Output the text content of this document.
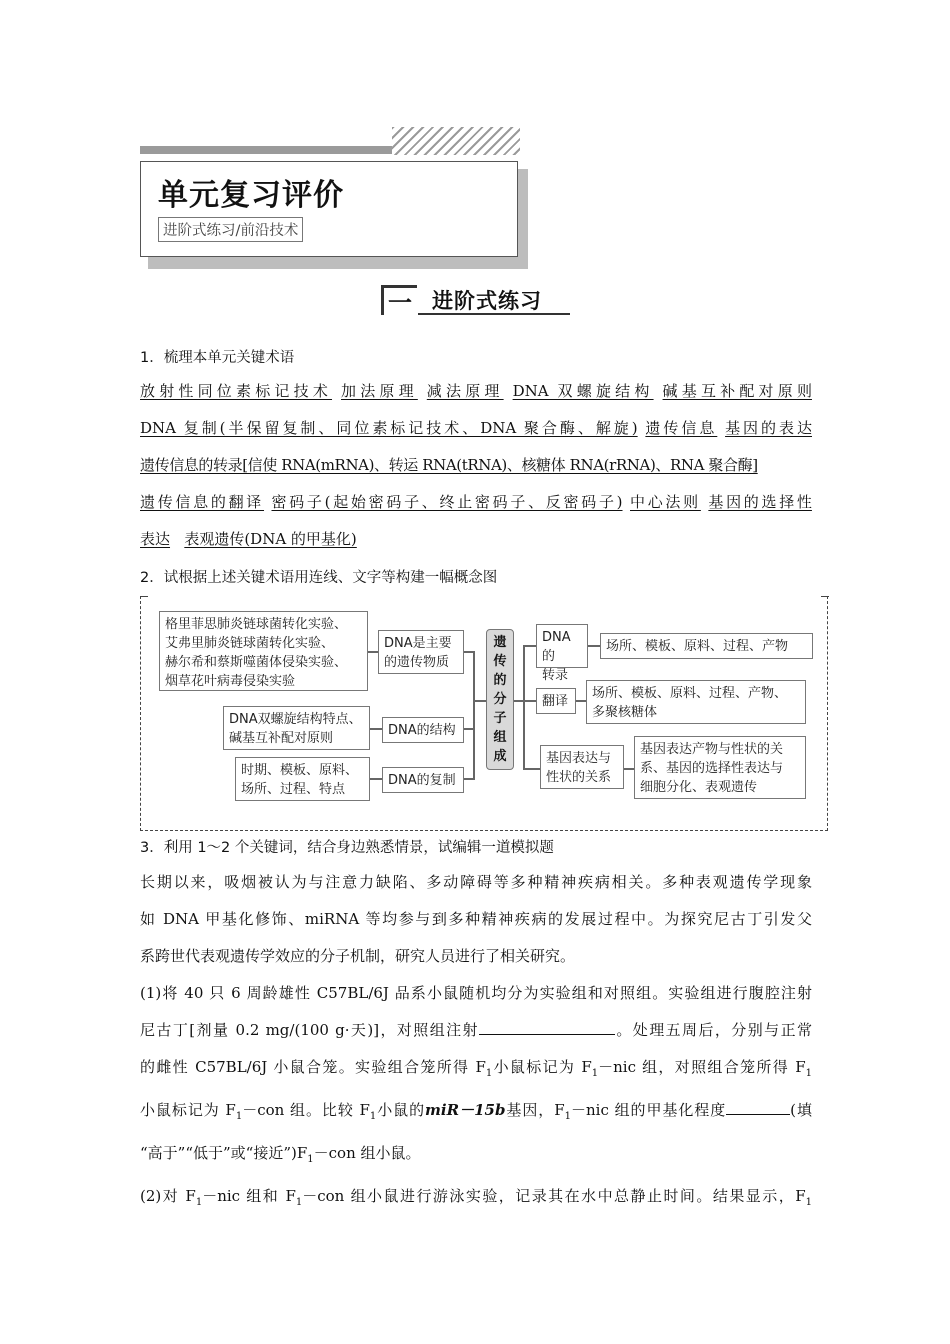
单元复习评价
进阶式练习/前沿技术
一 进阶式练习
1．梳理本单元关键术语
放射性同位素标记技术 加法原理 减法原理 DNA 双螺旋结构 碱基互补配对原则
DNA 复制(半保留复制、同位素标记技术、DNA 聚合酶、解旋) 遗传信息 基因的表达
遗传信息的转录[信使 RNA(mRNA)、转运 RNA(tRNA)、核糖体 RNA(rRNA)、RNA 聚合酶]
遗传信息的翻译 密码子(起始密码子、终止密码子、反密码子) 中心法则 基因的选择性
表达 表观遗传(DNA 的甲基化)
2．试根据上述关键术语用连线、文字等构建一幅概念图
格里菲思肺炎链球菌转化实验、
艾弗里肺炎链球菌转化实验、
赫尔希和蔡斯噬菌体侵染实验、
烟草花叶病毒侵染实验
DNA是主要
的遗传物质
DNA双螺旋结构特点、
碱基互补配对原则
DNA的结构
时期、模板、原料、
场所、过程、特点
DNA的复制
遗传的分子组成
DNA的
转录
场所、模板、原料、过程、产物
翻译
场所、模板、原料、过程、产物、
多聚核糖体
基因表达与
性状的关系
基因表达产物与性状的关
系、基因的选择性表达与
细胞分化、表观遗传
3．利用 1～2 个关键词，结合身边熟悉情景，试编辑一道模拟题
长期以来，吸烟被认为与注意力缺陷、多动障碍等多种精神疾病相关。多种表观遗传学现象
如 DNA 甲基化修饰、miRNA 等均参与到多种精神疾病的发展过程中。为探究尼古丁引发父
系跨世代表观遗传学效应的分子机制，研究人员进行了相关研究。
(1)将 40 只 6 周龄雄性 C57BL/6J 品系小鼠随机均分为实验组和对照组。实验组进行腹腔注射
尼古丁[剂量 0.2 mg/(100 g·天)]，对照组注射	。处理五周后，分别与正常
的雌性 C57BL/6J 小鼠合笼。实验组合笼所得 $F_1$小鼠标记为 $F_1-nic$ 组，对照组合笼所得 $F_1$
小鼠标记为 $F_1-con$ 组。比较 $F_1$小鼠的miR－15b基因，$F_1-nic$ 组的甲基化程度	(填
“高于”“低于”或“接近$”)F_1-con$ 组小鼠。
(2)对 $F_1-nic$ 组和 $F_1-con$ 组小鼠进行游泳实验，记录其在水中总静止时间。结果显示，$F_1$
